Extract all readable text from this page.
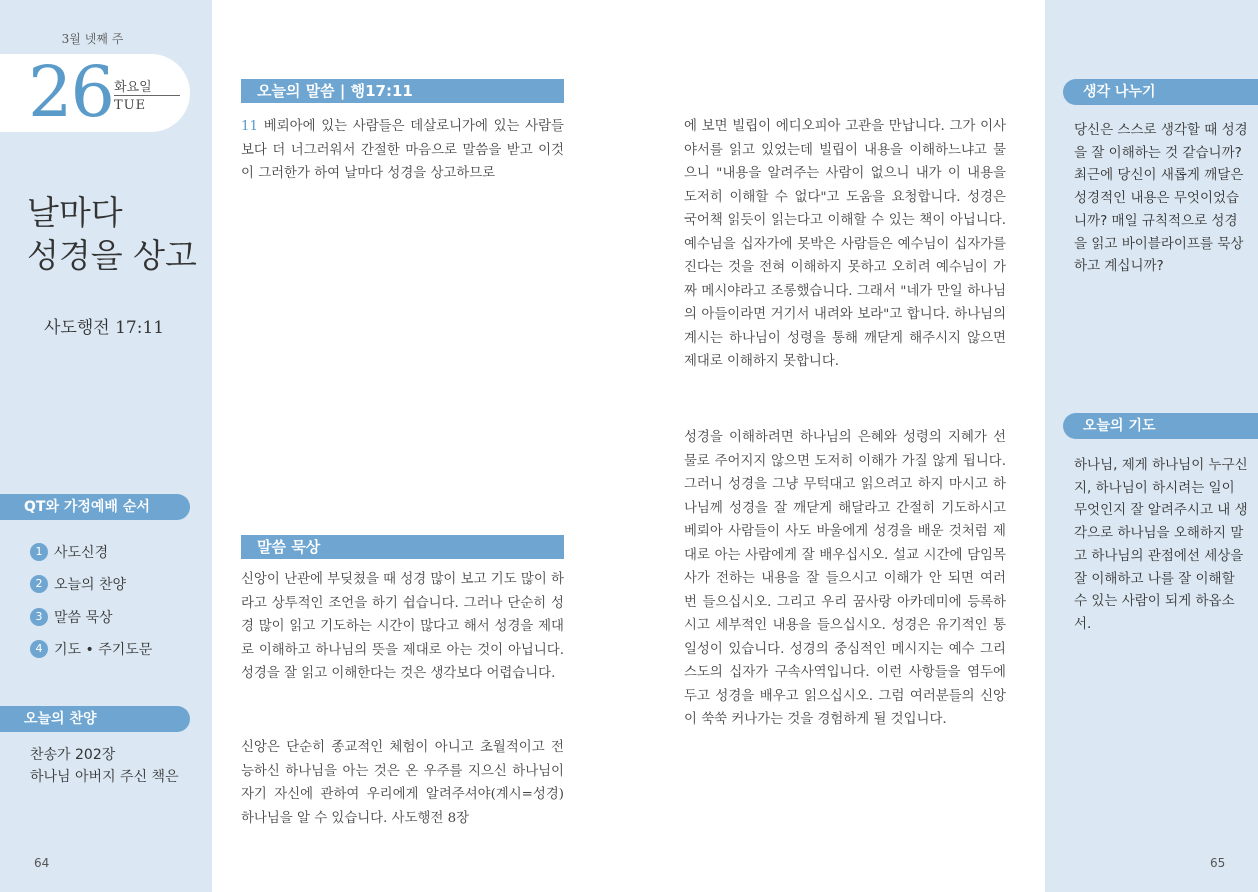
3월 넷째 주
26 화요일
TUE
날마다
성경을 상고
사도행전 17:11
QT와 가정예배 순서
1 사도신경
2 오늘의 찬양
3 말씀 묵상
4 기도 • 주기도문
오늘의 찬양
찬송가 202장
하나님 아버지 주신 책은
64
오늘의 말씀 | 행17:11

11 베뢰아에 있는 사람들은 데살로니가에 있는 사람들보다 더 너그러워서 간절한 마음으로 말씀을 받고 이것이 그러한가 하여 날마다 성경을 상고하므로

말씀 묵상

신앙이 난관에 부딪쳤을 때 성경 많이 보고 기도 많이 하라고 상투적인 조언을 하기 쉽습니다. 그러나 단순히 성경 많이 읽고 기도하는 시간이 많다고 해서 성경을 제대로 이해하고 하나님의 뜻을 제대로 아는 것이 아닙니다. 성경을 잘 읽고 이해한다는 것은 생각보다 어렵습니다.

신앙은 단순히 종교적인 체험이 아니고 초월적이고 전능하신 하나님을 아는 것은 온 우주를 지으신 하나님이 자기 자신에 관하여 우리에게 알려주셔야(계시=성경) 하나님을 알 수 있습니다. 사도행전 8장

에 보면 빌립이 에디오피아 고관을 만납니다. 그가 이사야서를 읽고 있었는데 빌립이 내용을 이해하느냐고 물으니 "내용을 알려주는 사람이 없으니 내가 이 내용을 도저히 이해할 수 없다"고 도움을 요청합니다. 성경은 국어책 읽듯이 읽는다고 이해할 수 있는 책이 아닙니다. 예수님을 십자가에 못박은 사람들은 예수님이 십자가를 진다는 것을 전혀 이해하지 못하고 오히려 예수님이 가짜 메시야라고 조롱했습니다. 그래서 "네가 만일 하나님의 아들이라면 거기서 내려와 보라"고 합니다. 하나님의 계시는 하나님이 성령을 통해 깨닫게 해주시지 않으면 제대로 이해하지 못합니다.

성경을 이해하려면 하나님의 은혜와 성령의 지혜가 선물로 주어지지 않으면 도저히 이해가 가질 않게 됩니다. 그러니 성경을 그냥 무턱대고 읽으려고 하지 마시고 하나님께 성경을 잘 깨닫게 해달라고 간절히 기도하시고 베뢰아 사람들이 사도 바울에게 성경을 배운 것처럼 제대로 아는 사람에게 잘 배우십시오. 설교 시간에 담임목사가 전하는 내용을 잘 들으시고 이해가 안 되면 여러 번 들으십시오. 그리고 우리 꿈사랑 아카데미에 등록하시고 세부적인 내용을 들으십시오. 성경은 유기적인 통일성이 있습니다. 성경의 중심적인 메시지는 예수 그리스도의 십자가 구속사역입니다. 이런 사항들을 염두에 두고 성경을 배우고 읽으십시오. 그럼 여러분들의 신앙이 쑥쑥 커나가는 것을 경험하게 될 것입니다.

생각 나누기

당신은 스스로 생각할 때 성경을 잘 이해하는 것 같습니까? 최근에 당신이 새롭게 깨달은 성경적인 내용은 무엇이었습니까? 매일 규칙적으로 성경을 읽고 바이블라이프를 묵상하고 계십니까?

오늘의 기도

하나님, 제게 하나님이 누구신지, 하나님이 하시려는 일이 무엇인지 잘 알려주시고 내 생각으로 하나님을 오해하지 말고 하나님의 관점에선 세상을 잘 이해하고 나를 잘 이해할 수 있는 사람이 되게 하옵소서.

65
